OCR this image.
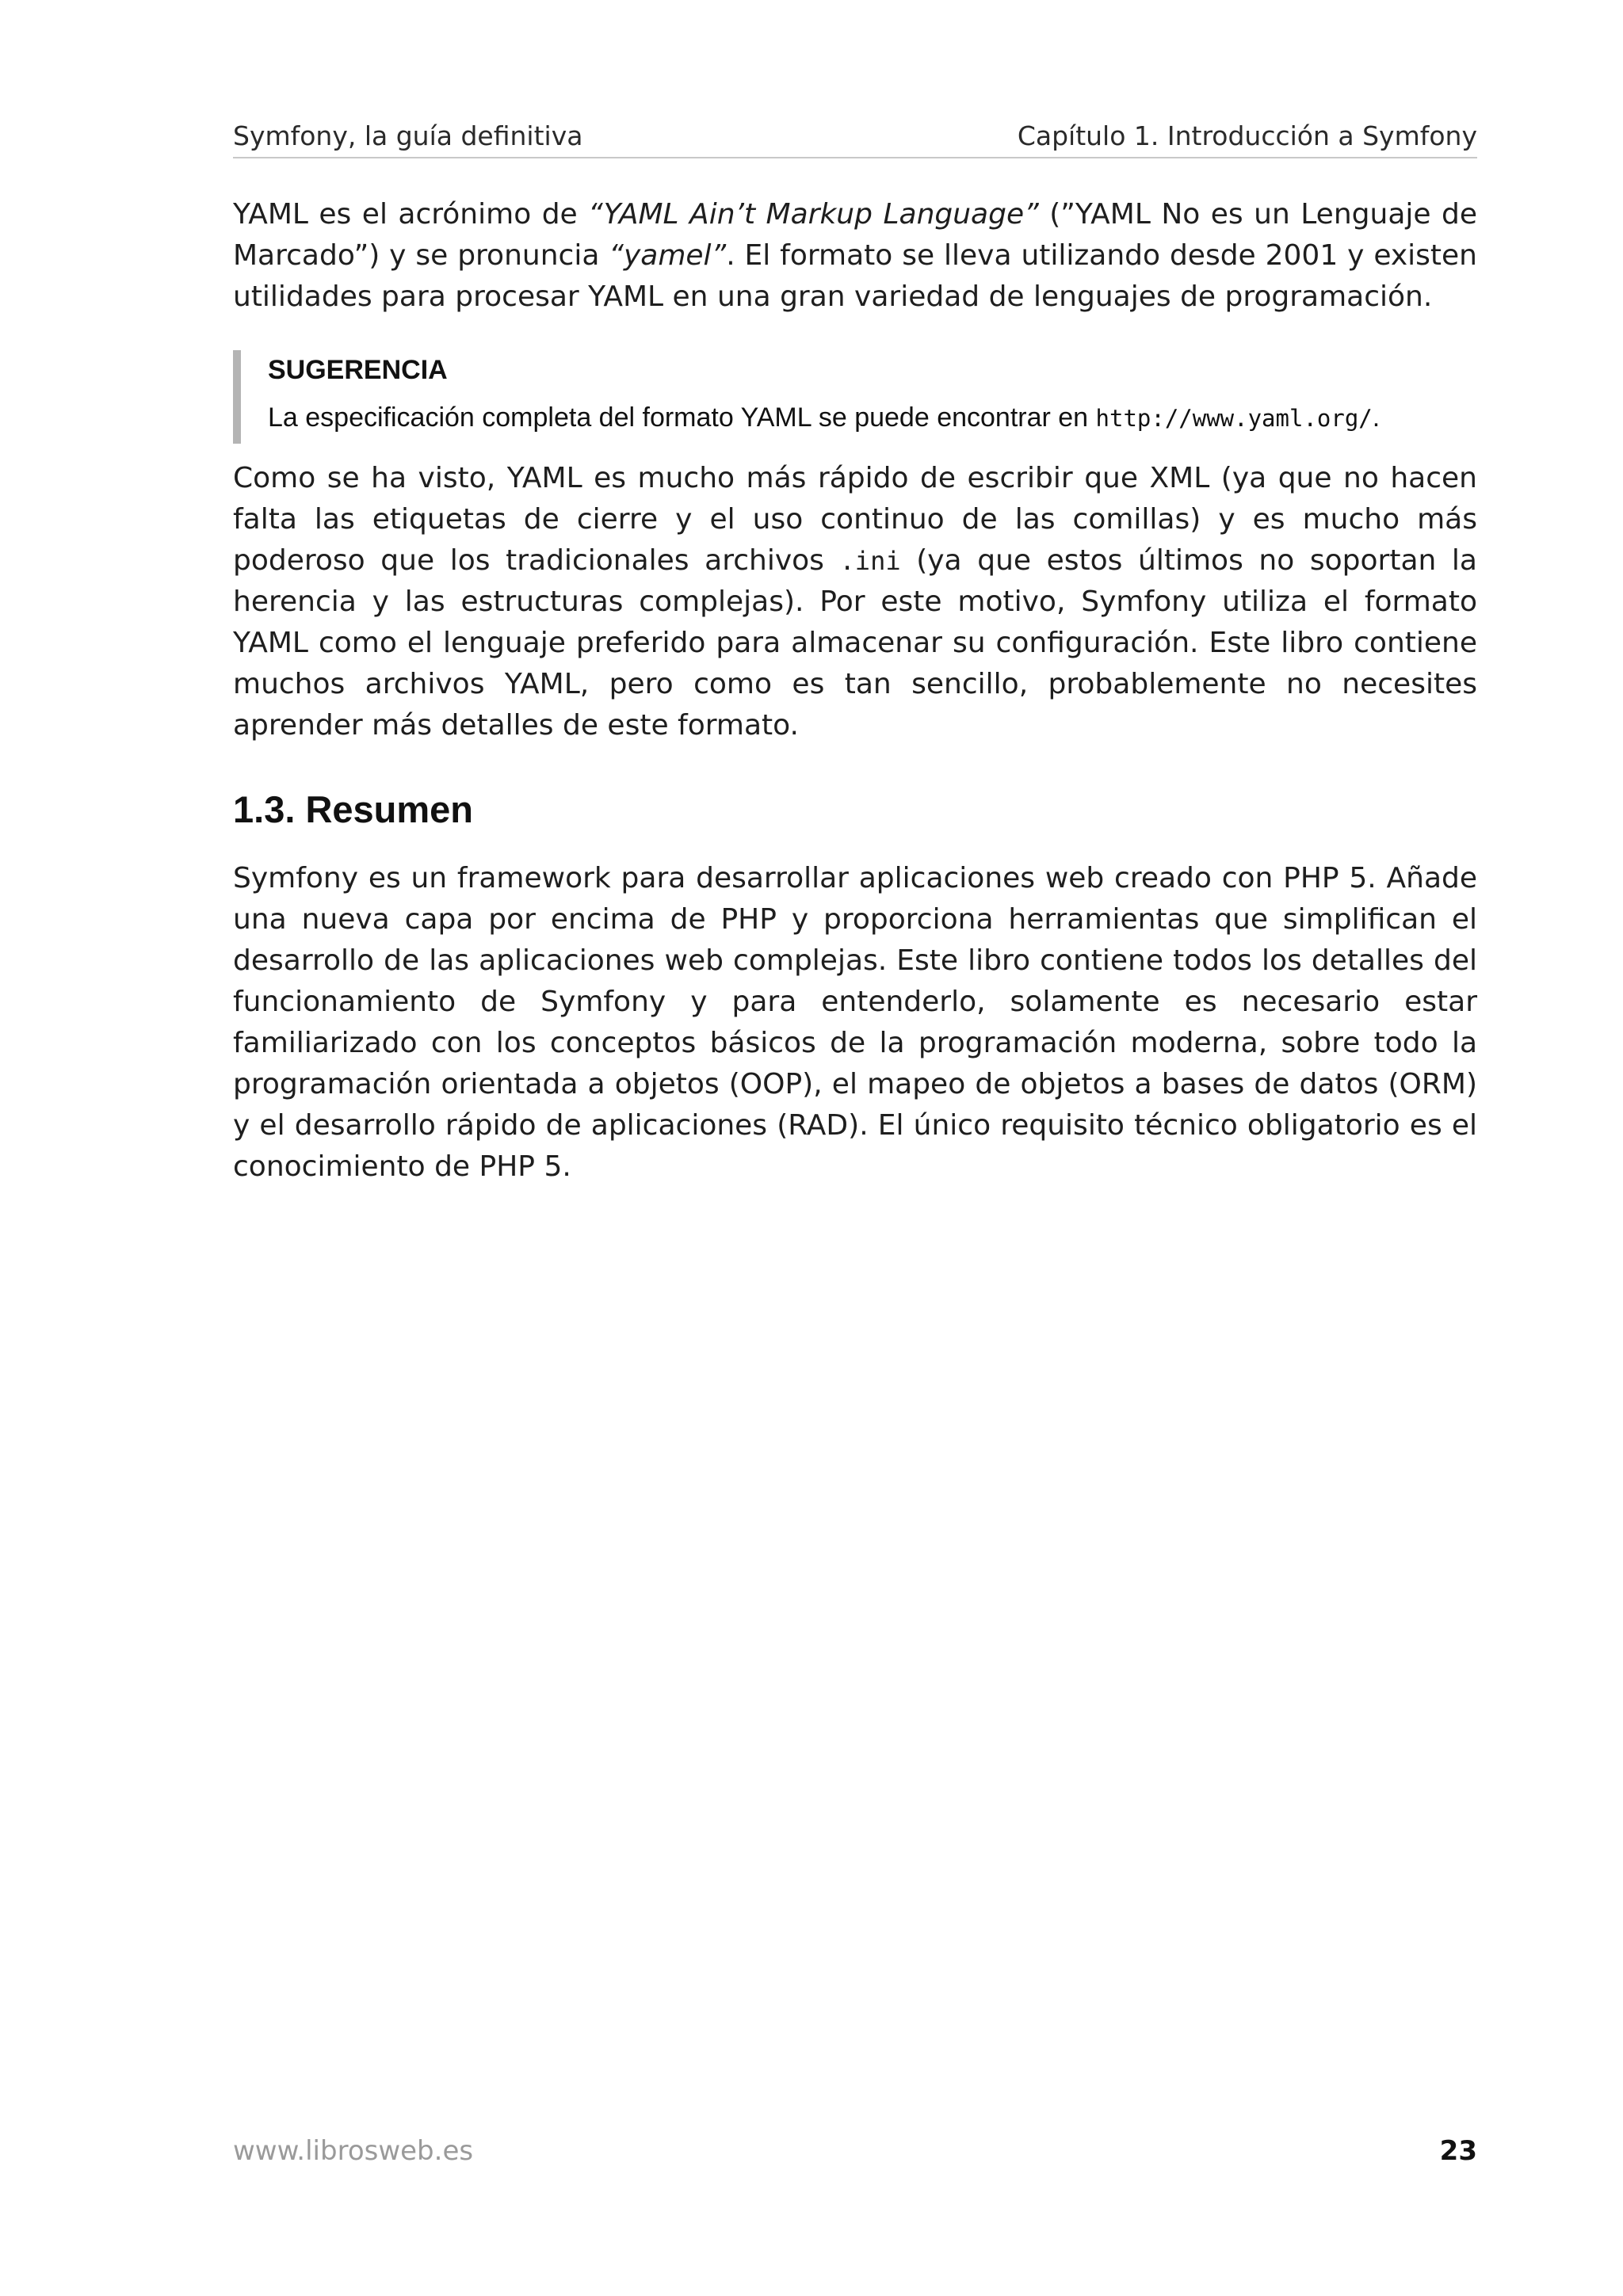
Symfony, la guía definitiva	Capítulo 1. Introducción a Symfony

YAML es el acrónimo de “YAML Ain’t Markup Language” (”YAML No es un Lenguaje de Marcado”) y se pronuncia “yamel”. El formato se lleva utilizando desde 2001 y existen utilidades para procesar YAML en una gran variedad de lenguajes de programación.

SUGERENCIA
La especificación completa del formato YAML se puede encontrar en http://www.yaml.org/.

Como se ha visto, YAML es mucho más rápido de escribir que XML (ya que no hacen falta las etiquetas de cierre y el uso continuo de las comillas) y es mucho más poderoso que los tradicionales archivos .ini (ya que estos últimos no soportan la herencia y las estructuras complejas). Por este motivo, Symfony utiliza el formato YAML como el lenguaje preferido para almacenar su configuración. Este libro contiene muchos archivos YAML, pero como es tan sencillo, probablemente no necesites aprender más detalles de este formato.

1.3. Resumen

Symfony es un framework para desarrollar aplicaciones web creado con PHP 5. Añade una nueva capa por encima de PHP y proporciona herramientas que simplifican el desarrollo de las aplicaciones web complejas. Este libro contiene todos los detalles del funcionamiento de Symfony y para entenderlo, solamente es necesario estar familiarizado con los conceptos básicos de la programación moderna, sobre todo la programación orientada a objetos (OOP), el mapeo de objetos a bases de datos (ORM) y el desarrollo rápido de aplicaciones (RAD). El único requisito técnico obligatorio es el conocimiento de PHP 5.

www.librosweb.es	23
